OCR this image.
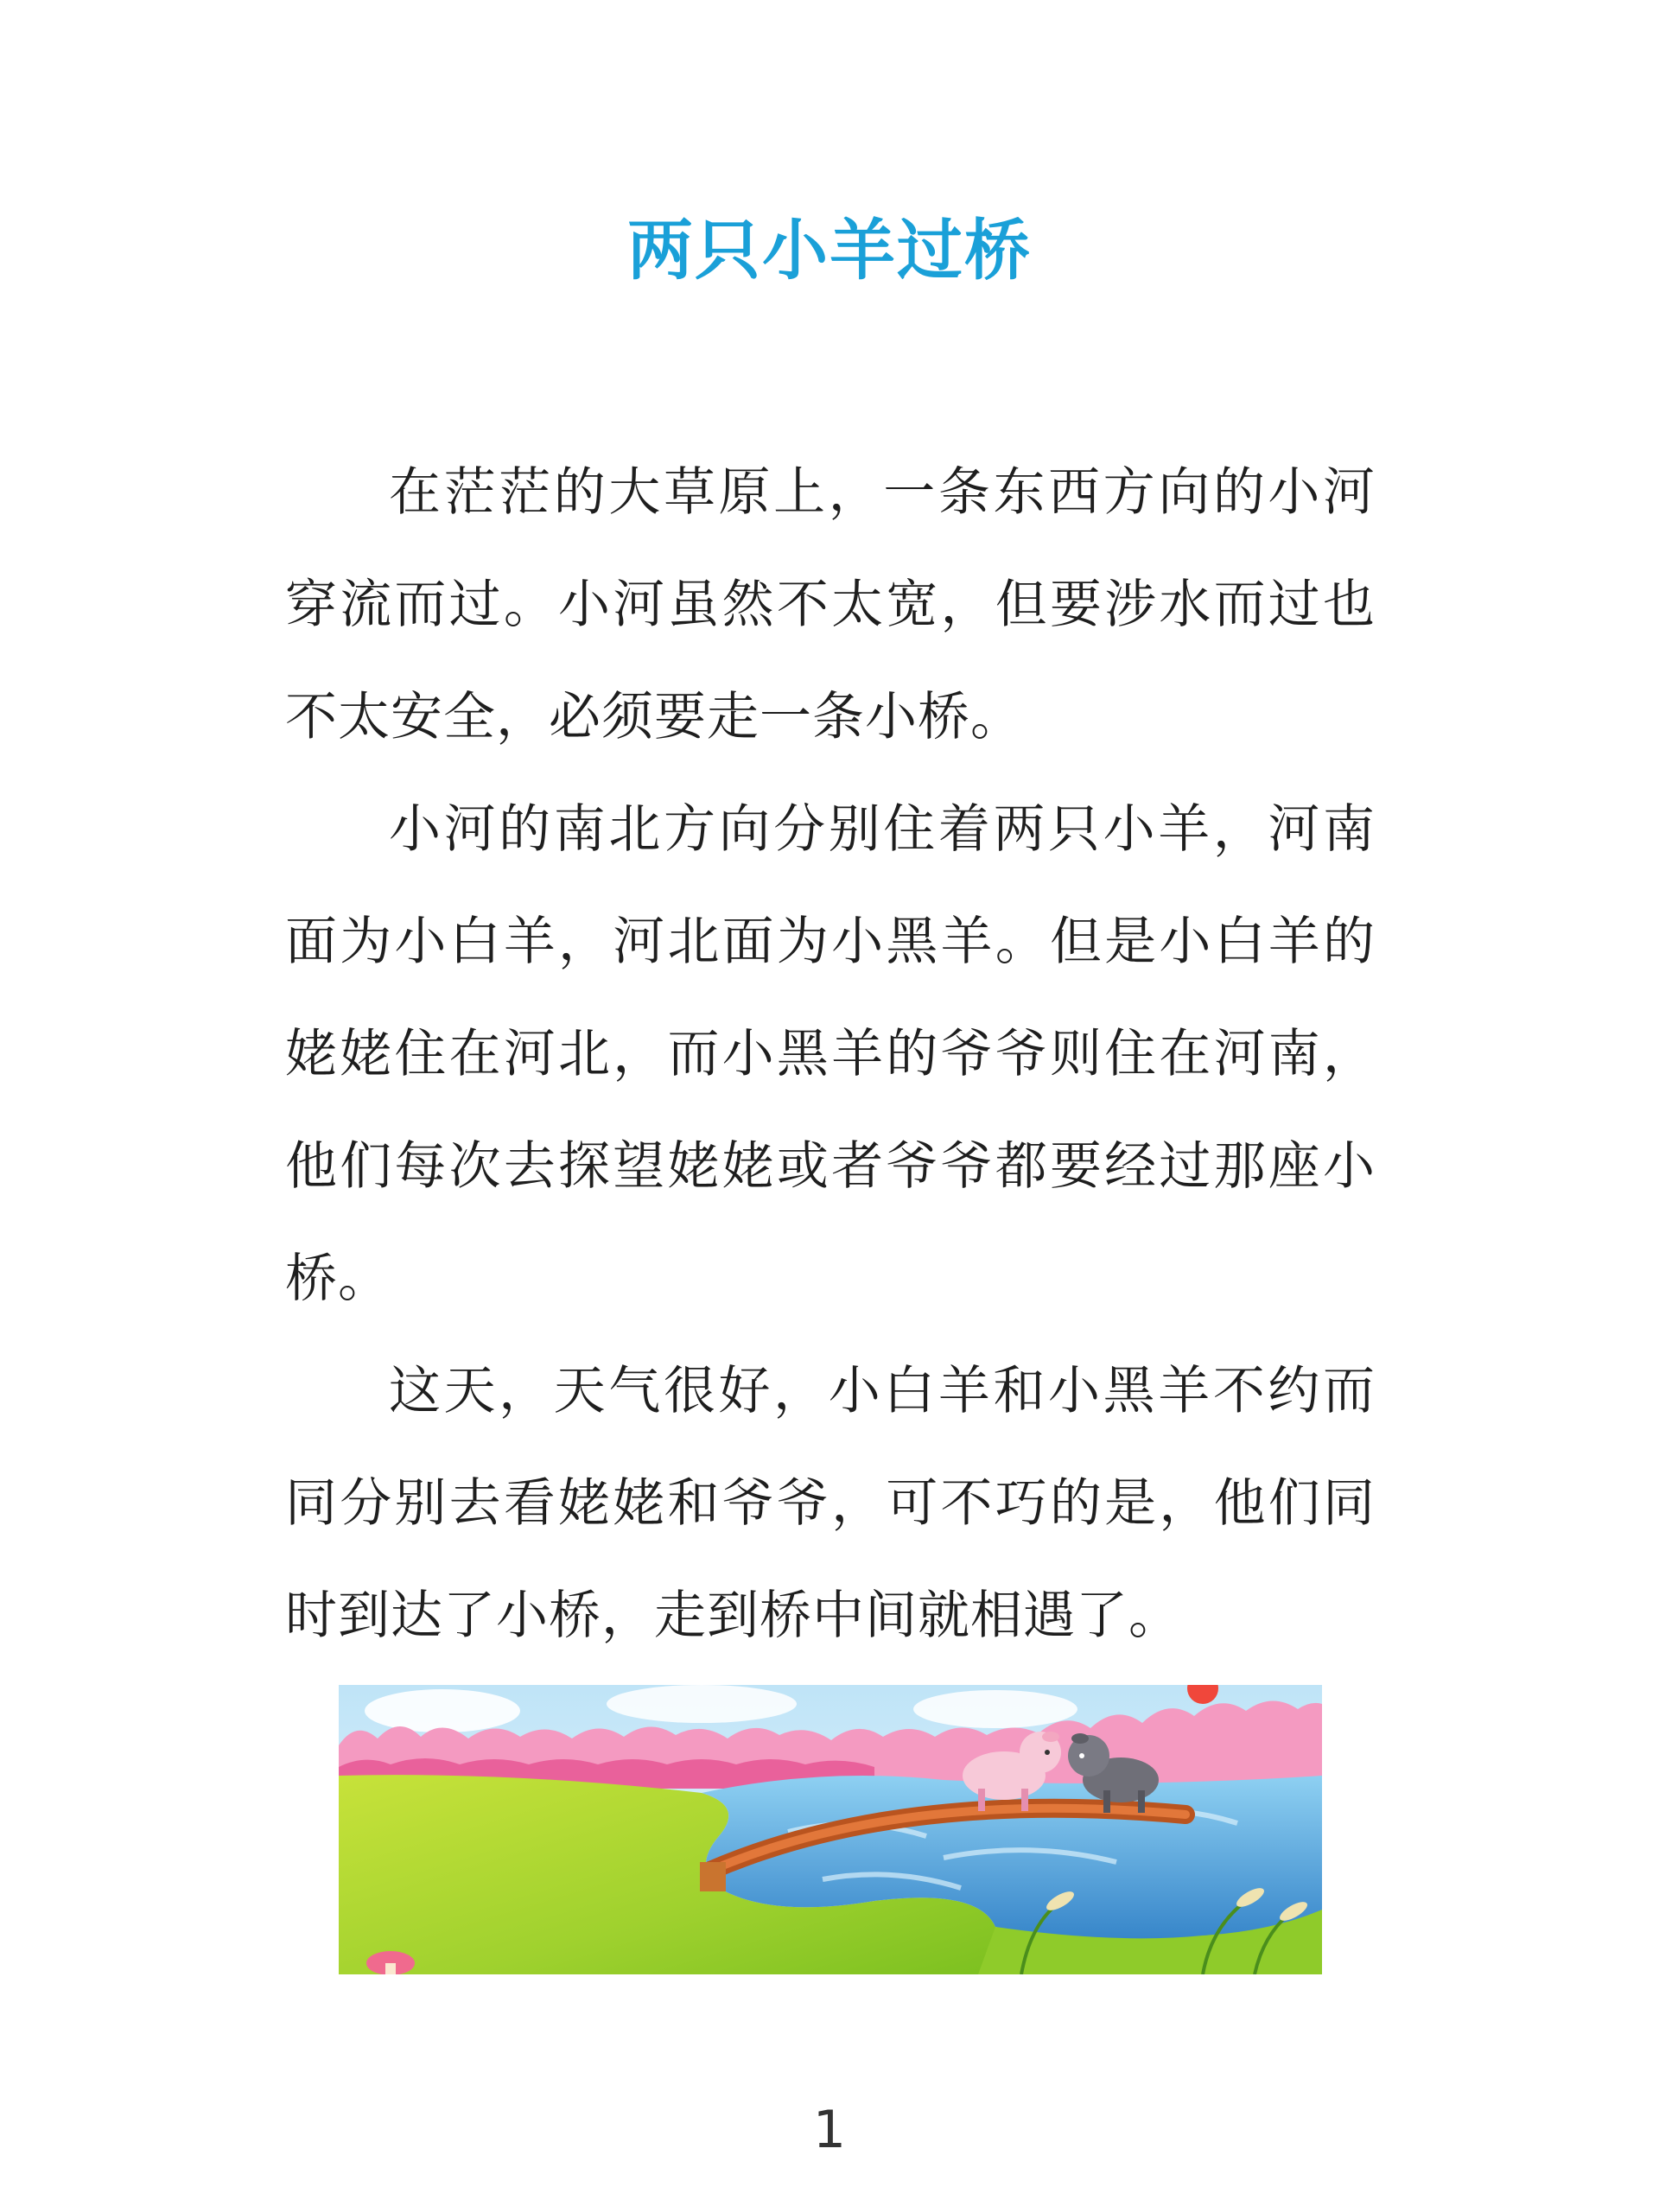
两只小羊过桥

在茫茫的大草原上，一条东西方向的小河穿流而过。小河虽然不太宽，但要涉水而过也不太安全，必须要走一条小桥。

小河的南北方向分别住着两只小羊，河南面为小白羊，河北面为小黑羊。但是小白羊的姥姥住在河北，而小黑羊的爷爷则住在河南，他们每次去探望姥姥或者爷爷都要经过那座小桥。

这天，天气很好，小白羊和小黑羊不约而同分别去看姥姥和爷爷，可不巧的是，他们同时到达了小桥，走到桥中间就相遇了。

1
